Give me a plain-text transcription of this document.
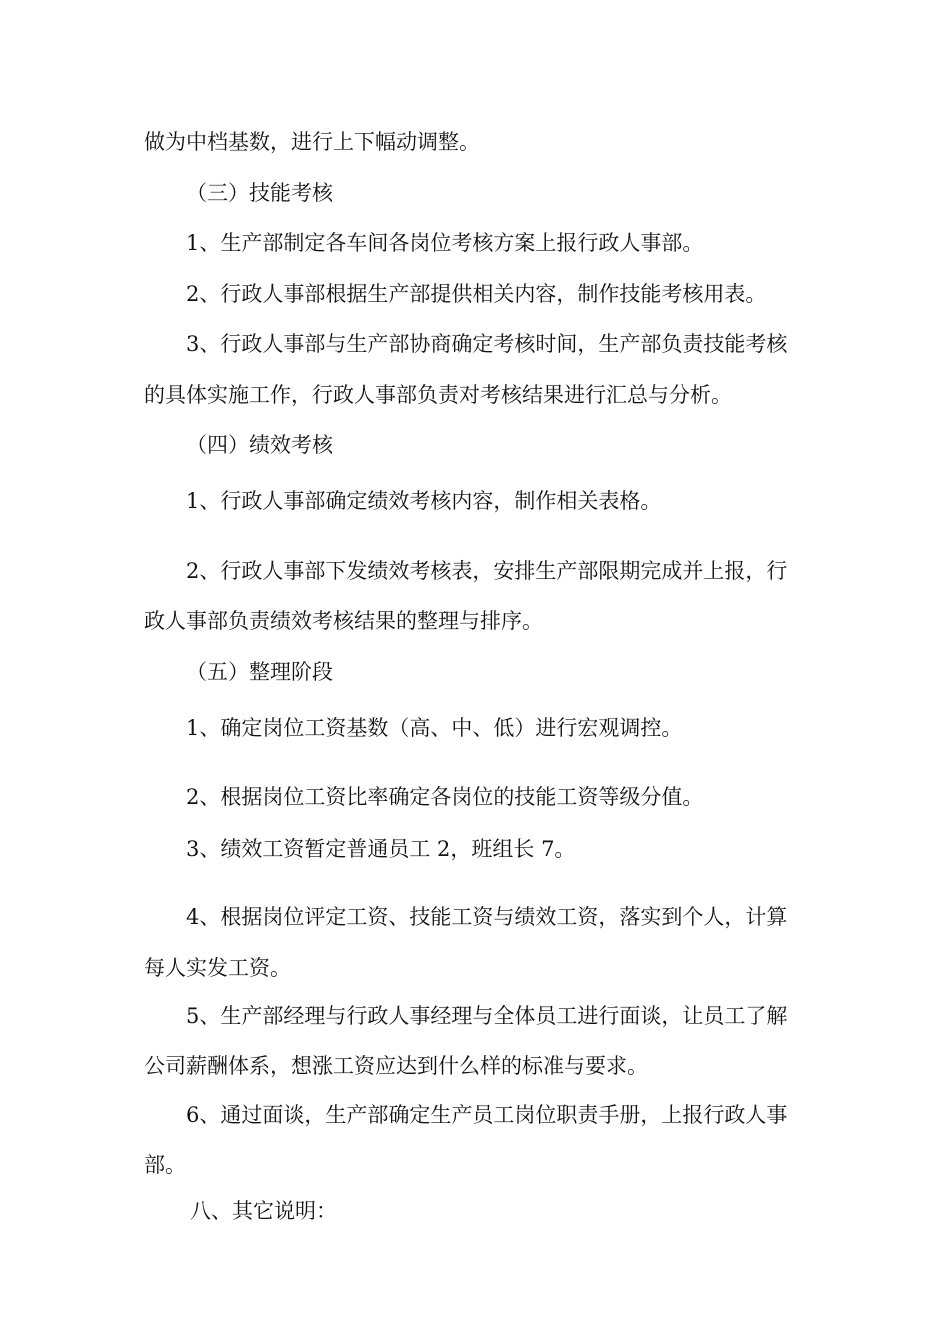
做为中档基数，进行上下幅动调整。
（三）技能考核
1、生产部制定各车间各岗位考核方案上报行政人事部。
2、行政人事部根据生产部提供相关内容，制作技能考核用表。
3、行政人事部与生产部协商确定考核时间，生产部负责技能考核
的具体实施工作，行政人事部负责对考核结果进行汇总与分析。
（四）绩效考核
1、行政人事部确定绩效考核内容，制作相关表格。
2、行政人事部下发绩效考核表，安排生产部限期完成并上报，行
政人事部负责绩效考核结果的整理与排序。
（五）整理阶段
1、确定岗位工资基数（高、中、低）进行宏观调控。
2、根据岗位工资比率确定各岗位的技能工资等级分值。
3、绩效工资暂定普通员工 2，班组长 7。
4、根据岗位评定工资、技能工资与绩效工资，落实到个人，计算
每人实发工资。
5、生产部经理与行政人事经理与全体员工进行面谈，让员工了解
公司薪酬体系，想涨工资应达到什么样的标准与要求。
6、通过面谈，生产部确定生产员工岗位职责手册，上报行政人事
部。
八、其它说明：
